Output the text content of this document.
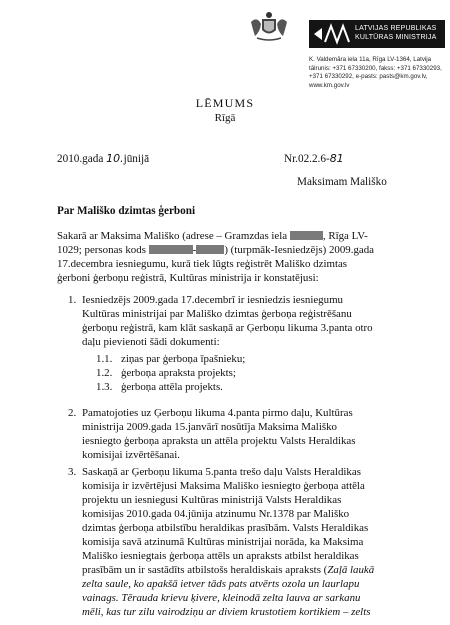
LATVIJAS REPUBLIKAS
KULTŪRAS MINISTRIJA
K. Valdemāra iela 11a, Rīga LV-1364, Latvija
tālrunis: +371 67330200, fakss: +371 67330293,
+371 67330292, e-pasts: pasts@km.gov.lv,
www.km.gov.lv
LĒMUMS
Rīgā
2010.gada 10.jūnijā	Nr.02.2.6-81
Maksimam Mališko
Par Mališko dzimtas ģerboni
Sakarā ar Maksima Mališko (adrese – Gramzdas iela	, Rīga LV-
1029; personas kods	-	) (turpmāk-Iesniedzējs) 2009.gada
17.decembra iesniegumu, kurā tiek lūgts reģistrēt Mališko dzimtas
ģerboni ģerboņu reģistrā, Kultūras ministrija ir konstatējusi:
1. Iesniedzējs 2009.gada 17.decembrī ir iesniedzis iesniegumu
Kultūras ministrijai par Mališko dzimtas ģerboņa reģistrēšanu
ģerboņu reģistrā, kam klāt saskaņā ar Ģerboņu likuma 3.panta otro
daļu pievienoti šādi dokumenti:
1.1. ziņas par ģerboņa īpašnieku;
1.2. ģerboņa apraksta projekts;
1.3. ģerboņa attēla projekts.
2. Pamatojoties uz Ģerboņu likuma 4.panta pirmo daļu, Kultūras
ministrija 2009.gada 15.janvārī nosūtīja Maksima Mališko
iesniegto ģerboņa apraksta un attēla projektu Valsts Heraldikas
komisijai izvērtēšanai.
3. Saskaņā ar Ģerboņu likuma 5.panta trešo daļu Valsts Heraldikas
komisija ir izvērtējusi Maksima Mališko iesniegto ģerboņa attēla
projektu un iesniegusi Kultūras ministrijā Valsts Heraldikas
komisijas 2010.gada 04.jūnija atzinumu Nr.1378 par Mališko
dzimtas ģerboņa atbilstību heraldikas prasībām. Valsts Heraldikas
komisija savā atzinumā Kultūras ministrijai norāda, ka Maksima
Mališko iesniegtais ģerboņa attēls un apraksts atbilst heraldikas
prasībām un ir sastādīts atbilstošs heraldiskais apraksts (Zaļā laukā
zelta saule, ko apakšā ietver tāds pats atvērts ozola un laurlapu
vainags. Tērauda krievu ķivere, kleinodā zelta lauva ar sarkanu
mēli, kas tur zilu vairodziņu ar diviem krustotiem kortikiem – zelts
